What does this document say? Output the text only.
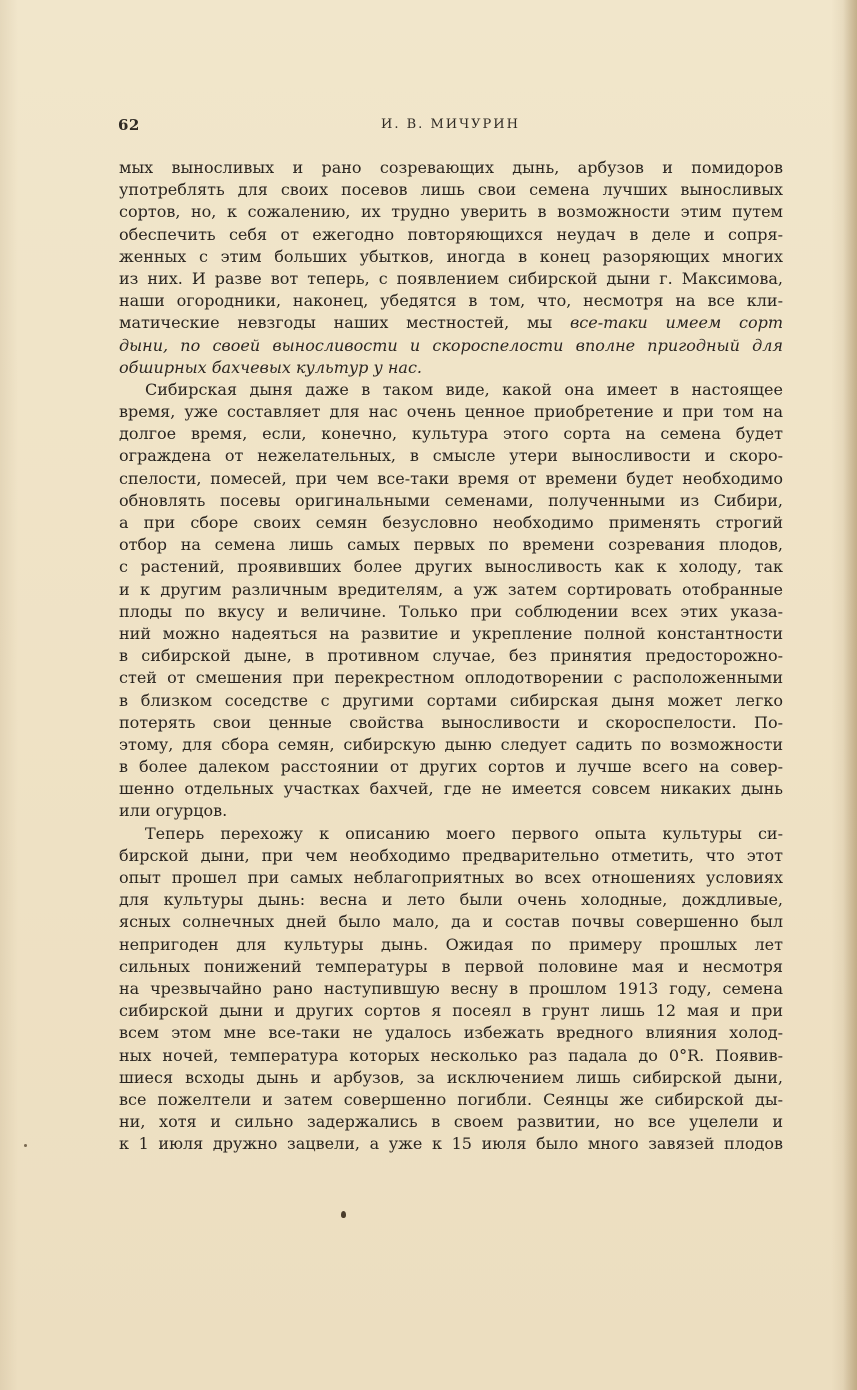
62	И. В. МИЧУРИН
мых выносливых и рано созревающих дынь, арбузов и помидоров
употреблять для своих посевов лишь свои семена лучших выносливых
сортов, но, к сожалению, их трудно уверить в возможности этим путем
обеспечить себя от ежегодно повторяющихся неудач в деле и сопря-
женных с этим больших убытков, иногда в конец разоряющих многих
из них. И разве вот теперь, с появлением сибирской дыни г. Максимова,
наши огородники, наконец, убедятся в том, что, несмотря на все кли-
матические невзгоды наших местностей, мы все-таки имеем сорт
дыни, по своей выносливости и скороспелости вполне пригодный для
обширных бахчевых культур у нас.
Сибирская дыня даже в таком виде, какой она имеет в настоящее
время, уже составляет для нас очень ценное приобретение и при том на
долгое время, если, конечно, культура этого сорта на семена будет
ограждена от нежелательных, в смысле утери выносливости и скоро-
спелости, помесей, при чем все-таки время от времени будет необходимо
обновлять посевы оригинальными семенами, полученными из Сибири,
а при сборе своих семян безусловно необходимо применять строгий
отбор на семена лишь самых первых по времени созревания плодов,
с растений, проявивших более других выносливость как к холоду, так
и к другим различным вредителям, а уж затем сортировать отобранные
плоды по вкусу и величине. Только при соблюдении всех этих указа-
ний можно надеяться на развитие и укрепление полной константности
в сибирской дыне, в противном случае, без принятия предосторожно-
стей от смешения при перекрестном оплодотворении с расположенными
в близком соседстве с другими сортами сибирская дыня может легко
потерять свои ценные свойства выносливости и скороспелости. По-
этому, для сбора семян, сибирскую дыню следует садить по возможности
в более далеком расстоянии от других сортов и лучше всего на совер-
шенно отдельных участках бахчей, где не имеется совсем никаких дынь
или огурцов.
Теперь перехожу к описанию моего первого опыта культуры си-
бирской дыни, при чем необходимо предварительно отметить, что этот
опыт прошел при самых неблагоприятных во всех отношениях условиях
для культуры дынь: весна и лето были очень холодные, дождливые,
ясных солнечных дней было мало, да и состав почвы совершенно был
непригоден для культуры дынь. Ожидая по примеру прошлых лет
сильных понижений температуры в первой половине мая и несмотря
на чрезвычайно рано наступившую весну в прошлом 1913 году, семена
сибирской дыни и других сортов я посеял в грунт лишь 12 мая и при
всем этом мне все-таки не удалось избежать вредного влияния холод-
ных ночей, температура которых несколько раз падала до 0°R. Появив-
шиеся всходы дынь и арбузов, за исключением лишь сибирской дыни,
все пожелтели и затем совершенно погибли. Сеянцы же сибирской ды-
ни, хотя и сильно задержались в своем развитии, но все уцелели и
к 1 июля дружно зацвели, а уже к 15 июля было много завязей плодов
